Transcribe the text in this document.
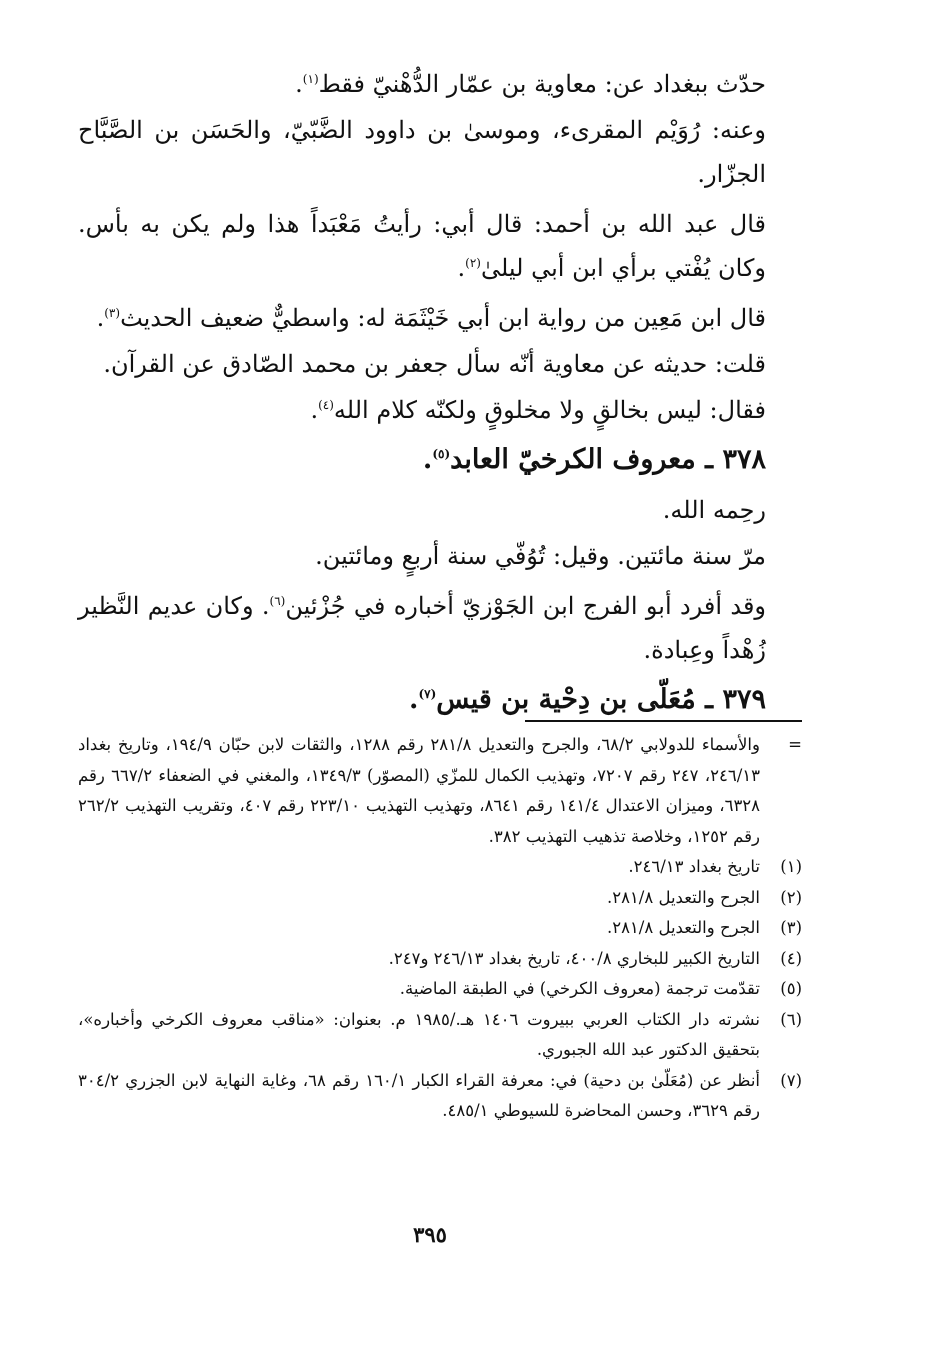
حدّث ببغداد عن: معاوية بن عمّار الدُّهْنيّ فقط$^{(١)}$.

وعنه: رُوَيْم المقرىء، وموسىٰ بن داوود الضَّبّيّ، والحَسَن بن الصَّبَّاح الجزّار.

قال عبد الله بن أحمد: قال أبي: رأيتُ مَعْبَداً هذا ولم يكن به بأس. وكان يُفْتي برأي ابن أبي ليلىٰ$^{(٢)}$.

قال ابن مَعِين من رواية ابن أبي خَيْثَمَة له: واسطيٌّ ضعيف الحديث$^{(٣)}$.

قلت: حديثه عن معاوية أنّه سأل جعفر بن محمد الصّادق عن القرآن.

فقال: ليس بخالقٍ ولا مخلوقٍ ولكنّه كلام الله$^{(٤)}$.

٣٧٨ ـ معروف الكرخيّ العابد$^{(٥)}$.

رحِمه الله.

مرّ سنة مائتين. وقيل: تُوُفّي سنة أربعٍ ومائتين.

وقد أفرد أبو الفرج ابن الجَوْزيّ أخباره في جُزْئين$^{(٦)}$. وكان عديم النَّظير زُهْداً وعِبادة.

٣٧٩ ـ مُعَلّى بن دِحْية بن قيس$^{(٧)}$.

=
والأسماء للدولابي ٦٨/٢، والجرح والتعديل ٢٨١/٨ رقم ١٢٨٨، والثقات لابن حبّان ١٩٤/٩، وتاريخ بغداد ٢٤٦/١٣، ٢٤٧ رقم ٧٢٠٧، وتهذيب الكمال للمزّي (المصوّر) ١٣٤٩/٣، والمغني في الضعفاء ٦٦٧/٢ رقم ٦٣٢٨، وميزان الاعتدال ١٤١/٤ رقم ٨٦٤١، وتهذيب التهذيب ٢٢٣/١٠ رقم ٤٠٧، وتقريب التهذيب ٢٦٢/٢ رقم ١٢٥٢، وخلاصة تذهيب التهذيب ٣٨٢.
(١)
تاريخ بغداد ٢٤٦/١٣.
(٢)
الجرح والتعديل ٢٨١/٨.
(٣)
الجرح والتعديل ٢٨١/٨.
(٤)
التاريخ الكبير للبخاري ٤٠٠/٨، تاريخ بغداد ٢٤٦/١٣ و٢٤٧.
(٥)
تقدّمت ترجمة (معروف الكرخي) في الطبقة الماضية.
(٦)
نشرته دار الكتاب العربي ببيروت ١٤٠٦ هـ./١٩٨٥ م. بعنوان: «مناقب معروف الكرخي وأخباره»، بتحقيق الدكتور عبد الله الجبوري.
(٧)
أنظر عن (مُعَلّىٰ بن دحية) في: معرفة القراء الكبار ١٦٠/١ رقم ٦٨، وغاية النهاية لابن الجزري ٣٠٤/٢ رقم ٣٦٢٩، وحسن المحاضرة للسيوطي ٤٨٥/١.
٣٩٥
